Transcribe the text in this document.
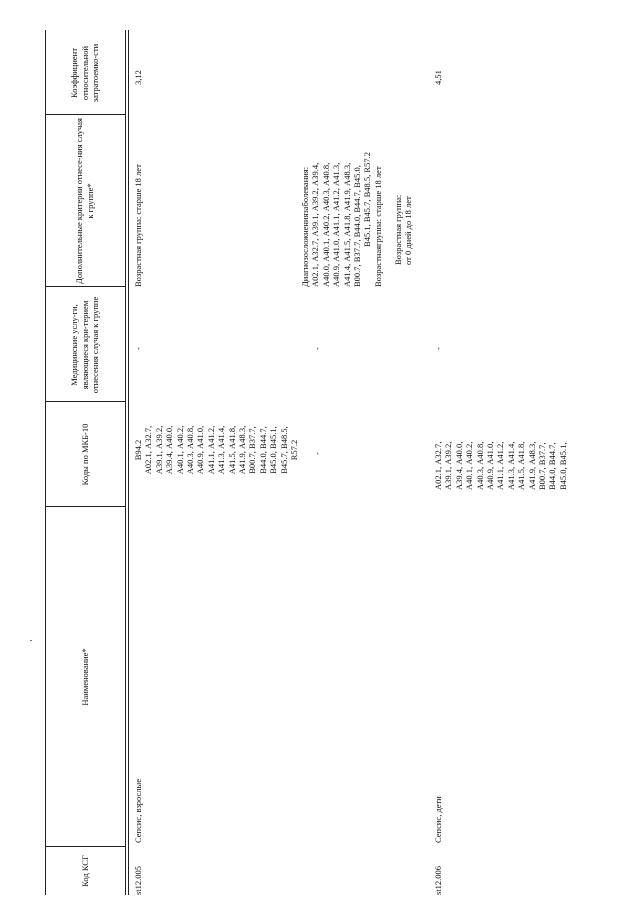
Код КСГ
Наименование*
Коды по МКБ-10
Медицинские услу-ги, являющиеся кри-терием отнесения случая к группе
Дополнительные критерии отнесе-ния случая к группе*
Коэффициент относительной затратоемко-сти
st12.005
Сепсис, взрослые
В94.2 А02.1, А32.7, А39.1, А39.2, А39.4, А40.0, А40.1, А40.2, А40.3, А40.8, А40.9, А41.0, А41.1, А41.2, А41.3, А41.4, А41.5, А41.8, А41.9, А48.3, В00.7, В37.7, В44.0, В44.7, В45.0, В45.1, В45.7, В48.5, R57.2 -
-	-
Возрастная группа: старше 18 лет	Диагнозосложнениязаболевания: А02.1, А32.7, А39.1, А39.2, А39.4, А40.0, А40.1, А40.2, А40.3, А40.8, А40.9, А41.0, А41.1, А41.2, А41.3, А41.4, А41.5, А41.8, А41.9, А48.3, В00.7, В37.7, В44.0, В44.7, В45.0, В45.1, В45.7, В48.5, R57.2 Возрастнаягруппа: старше 18 лет
3,12
st12.006
Сепсис, дети
А02.1, А32.7, А39.1, А39.2, А39.4, А40.0, А40.1, А40.2, А40.3, А40.8, А40.9, А41.0, А41.1, А41.2, А41.3, А41.4, А41.5, А41.8, А41.9, А48.3, В00.7, В37.7, В44.0, В44.7, В45.0, В45.1,
-
Возрастная группа: от 0 дней до 18 лет
4,51
